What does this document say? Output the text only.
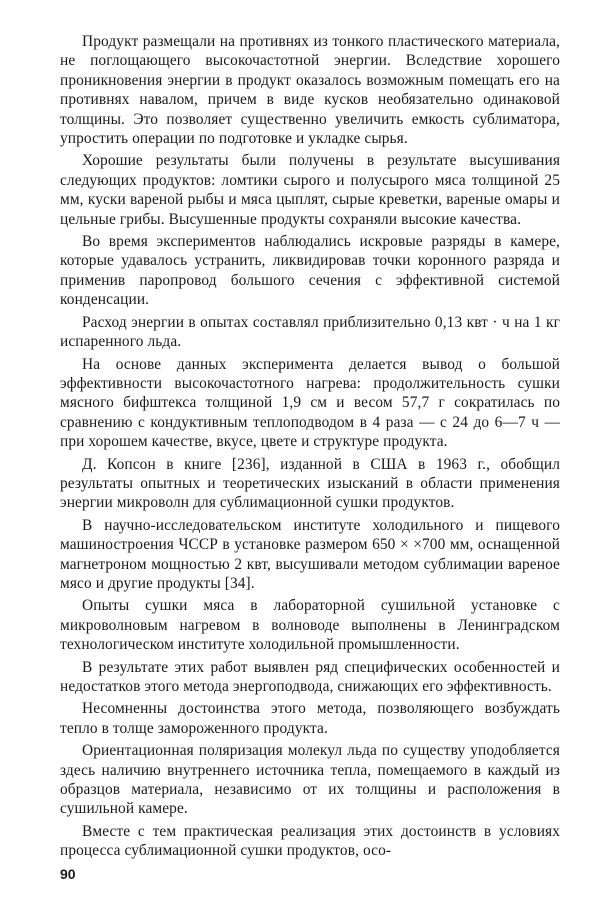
Продукт размещали на противнях из тонкого пластического материала, не поглощающего высокочастотной энергии. Вследствие хорошего проникновения энергии в продукт оказалось возможным помещать его на противнях навалом, причем в виде кусков необязательно одинаковой толщины. Это позволяет существенно увеличить емкость сублиматора, упростить операции по подготовке и укладке сырья.

Хорошие результаты были получены в результате высушивания следующих продуктов: ломтики сырого и полусырого мяса толщиной 25 мм, куски вареной рыбы и мяса цыплят, сырые креветки, вареные омары и цельные грибы. Высушенные продукты сохраняли высокие качества.

Во время экспериментов наблюдались искровые разряды в камере, которые удавалось устранить, ликвидировав точки коронного разряда и применив паропровод большого сечения с эффективной системой конденсации.

Расход энергии в опытах составлял приблизительно 0,13 квт · ч на 1 кг испаренного льда.

На основе данных эксперимента делается вывод о большой эффективности высокочастотного нагрева: продолжительность сушки мясного бифштекса толщиной 1,9 см и весом 57,7 г сократилась по сравнению с кондуктивным теплоподводом в 4 раза — с 24 до 6—7 ч — при хорошем качестве, вкусе, цвете и структуре продукта.

Д. Копсон в книге [236], изданной в США в 1963 г., обобщил результаты опытных и теоретических изысканий в области применения энергии микроволн для сублимационной сушки продуктов.

В научно-исследовательском институте холодильного и пищевого машиностроения ЧССР в установке размером 650 × ×700 мм, оснащенной магнетроном мощностью 2 квт, высушивали методом сублимации вареное мясо и другие продукты [34].

Опыты сушки мяса в лабораторной сушильной установке с микроволновым нагревом в волноводе выполнены в Ленинградском технологическом институте холодильной промышленности.

В результате этих работ выявлен ряд специфических особенностей и недостатков этого метода энергоподвода, снижающих его эффективность.

Несомненны достоинства этого метода, позволяющего возбуждать тепло в толще замороженного продукта.

Ориентационная поляризация молекул льда по существу уподобляется здесь наличию внутреннего источника тепла, помещаемого в каждый из образцов материала, независимо от их толщины и расположения в сушильной камере.

Вместе с тем практическая реализация этих достоинств в условиях процесса сублимационной сушки продуктов, осо-

90
